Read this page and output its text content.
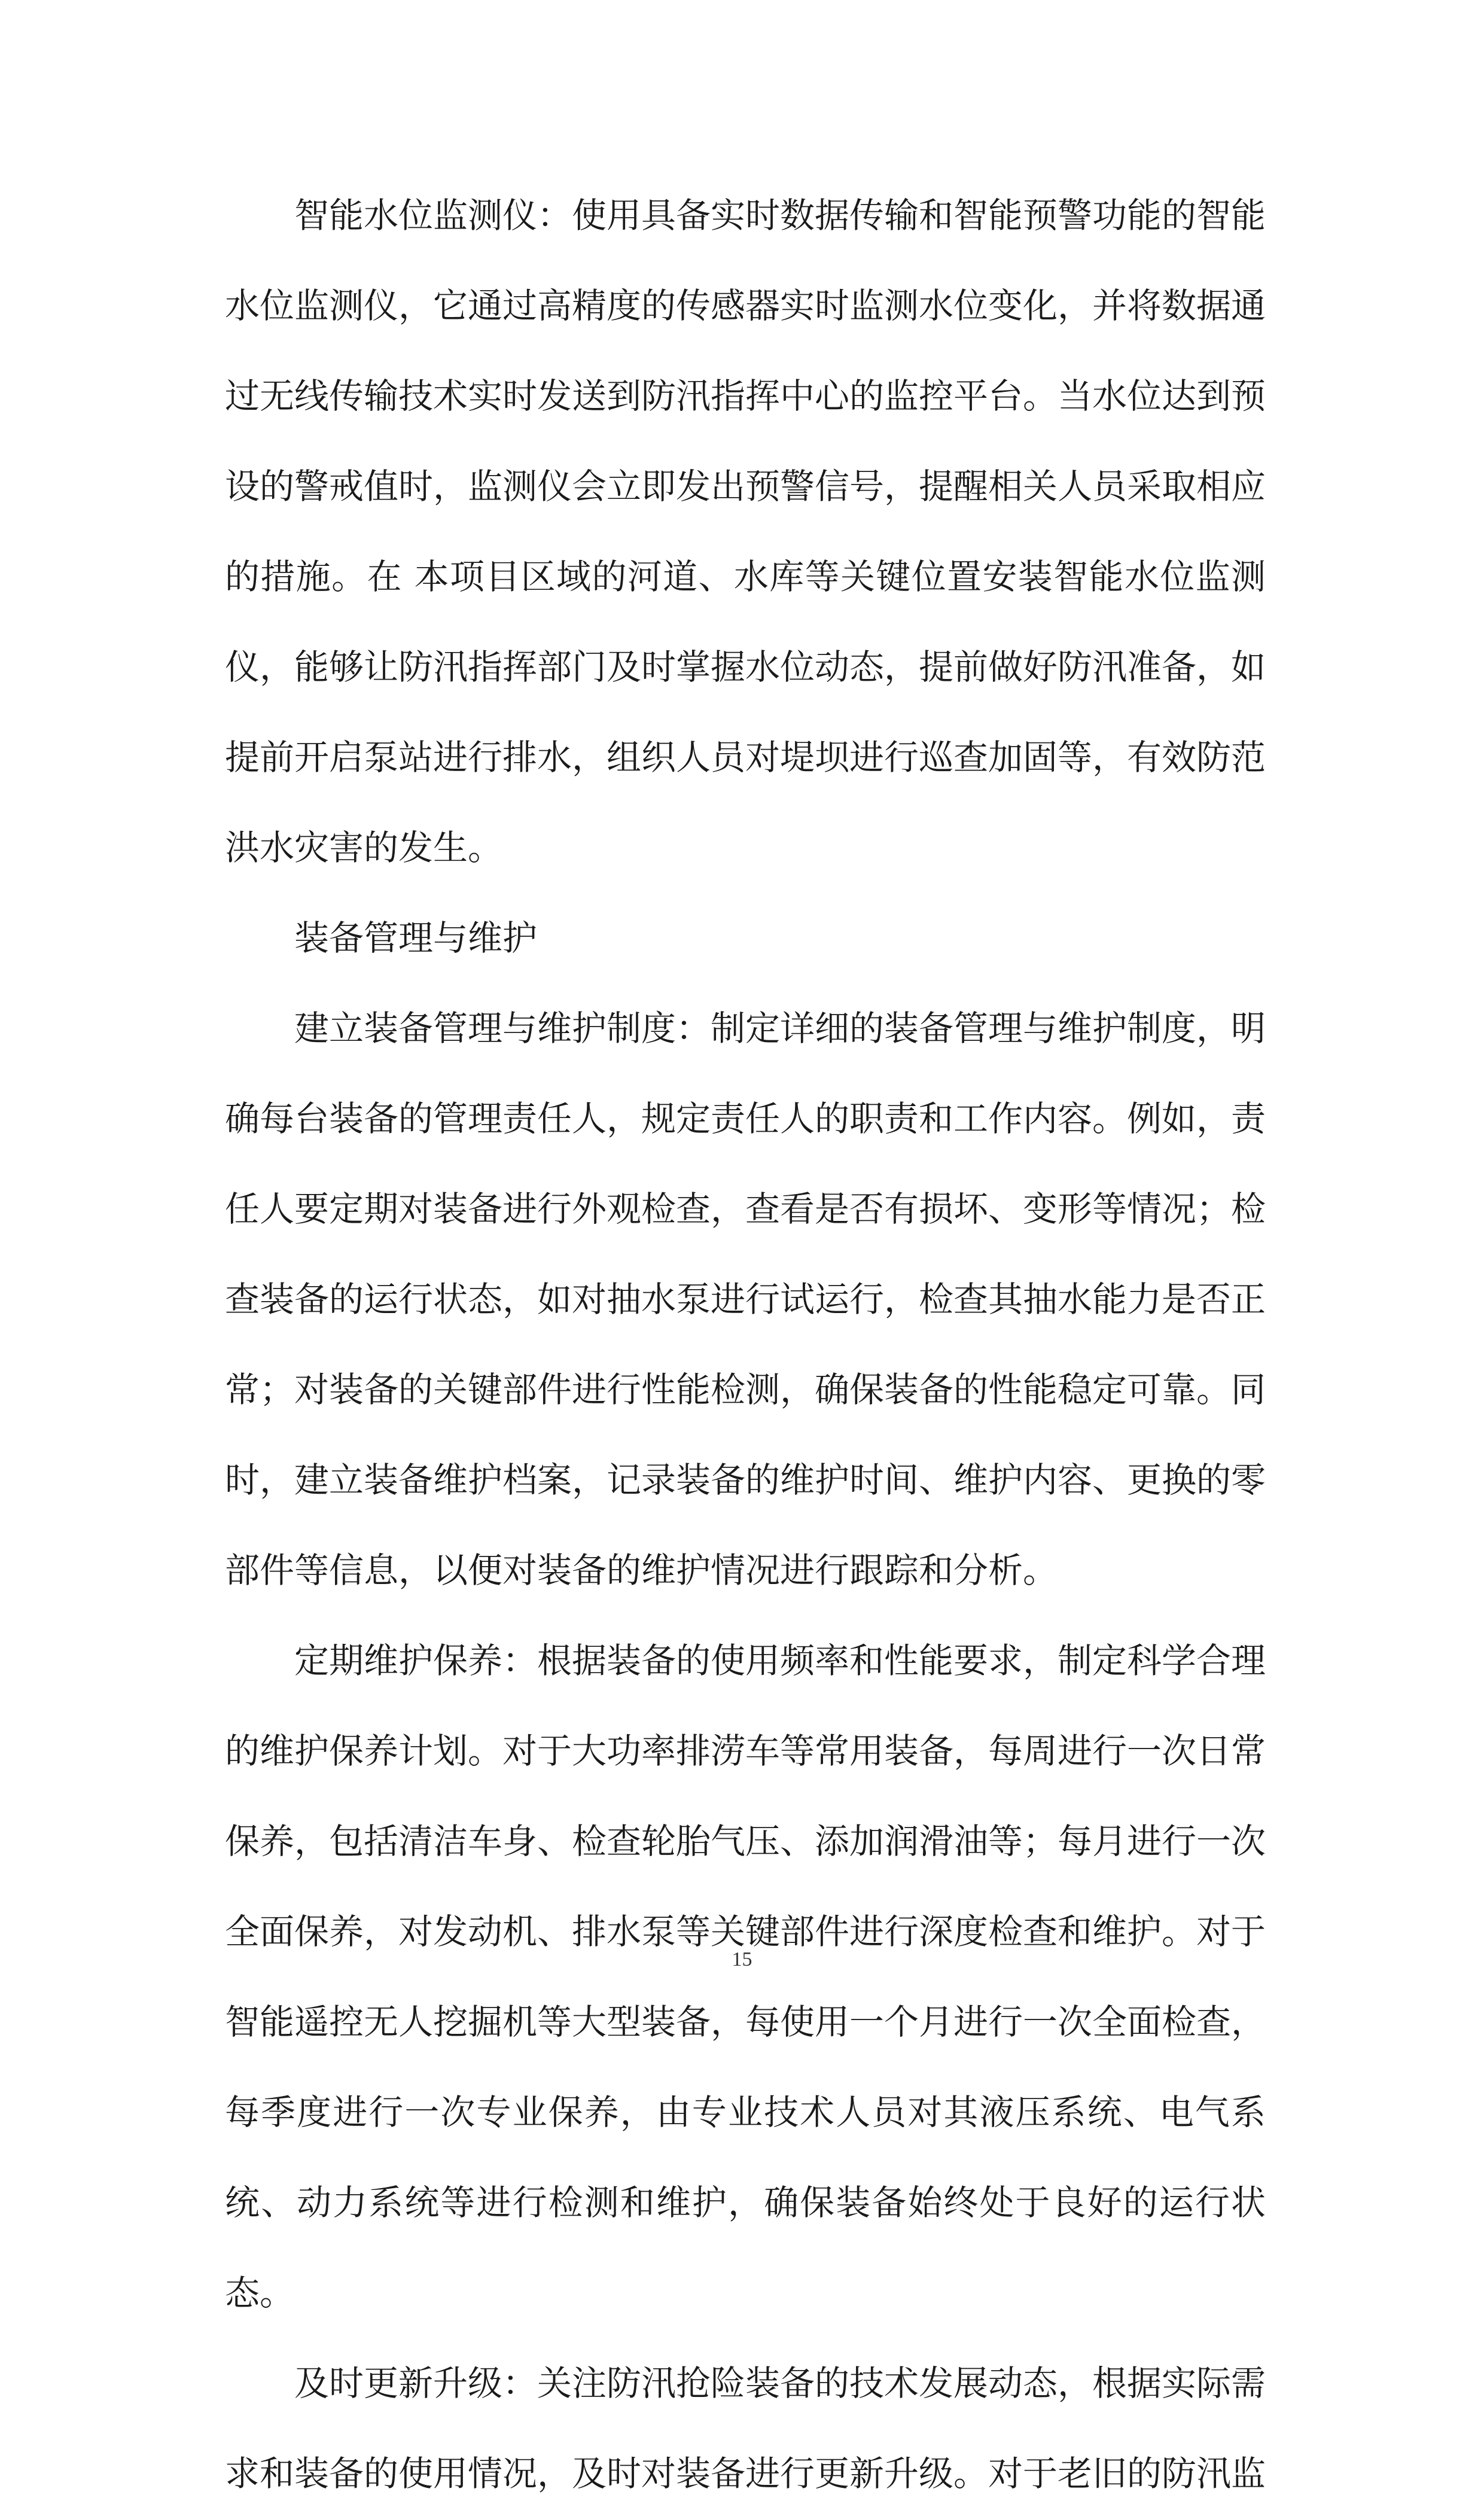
智能水位监测仪：使用具备实时数据传输和智能预警功能的智能水位监测仪，它通过高精度的传感器实时监测水位变化，并将数据通过无线传输技术实时发送到防汛指挥中心的监控平台。当水位达到预设的警戒值时，监测仪会立即发出预警信号，提醒相关人员采取相应的措施。在 本项目区域的河道、水库等关键位置安装智能水位监测仪，能够让防汛指挥部门及时掌握水位动态，提前做好防汛准备，如提前开启泵站进行排水，组织人员对堤坝进行巡查加固等，有效防范洪水灾害的发生。

装备管理与维护

建立装备管理与维护制度：制定详细的装备管理与维护制度，明确每台装备的管理责任人，规定责任人的职责和工作内容。例如，责任人要定期对装备进行外观检查，查看是否有损坏、变形等情况；检查装备的运行状态，如对抽水泵进行试运行，检查其抽水能力是否正常；对装备的关键部件进行性能检测，确保装备的性能稳定可靠。同时，建立装备维护档案，记录装备的维护时间、维护内容、更换的零部件等信息，以便对装备的维护情况进行跟踪和分析。

定期维护保养：根据装备的使用频率和性能要求，制定科学合理的维护保养计划。对于大功率排涝车等常用装备，每周进行一次日常保养，包括清洁车身、检查轮胎气压、添加润滑油等；每月进行一次全面保养，对发动机、排水泵等关键部件进行深度检查和维护。对于智能遥控无人挖掘机等大型装备，每使用一个月进行一次全面检查，每季度进行一次专业保养，由专业技术人员对其液压系统、电气系统、动力系统等进行检测和维护，确保装备始终处于良好的运行状态。

及时更新升级：关注防汛抢险装备的技术发展动态，根据实际需求和装备的使用情况，及时对装备进行更新升级。对于老旧的防汛监

15
